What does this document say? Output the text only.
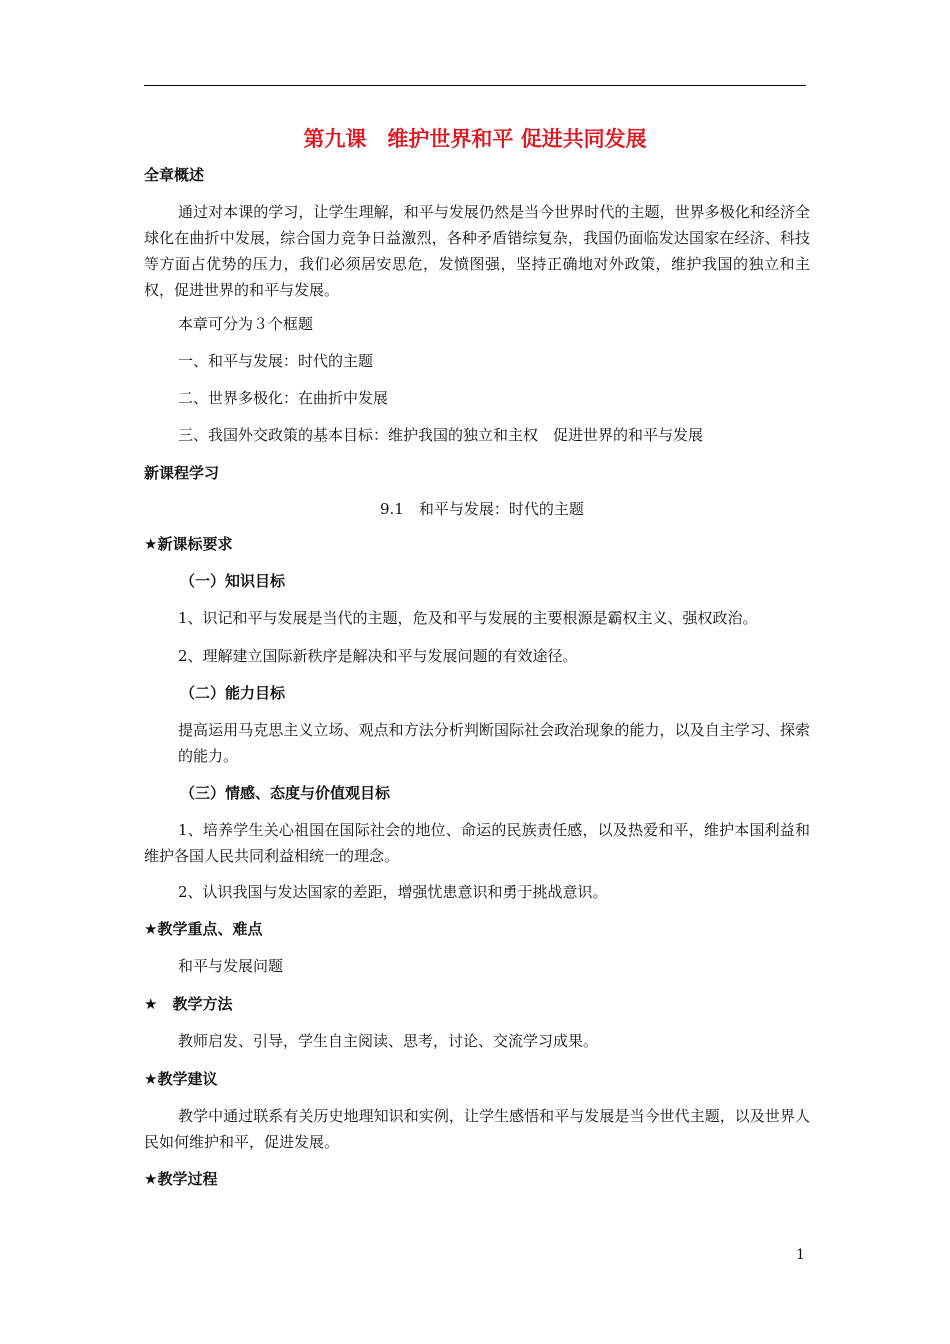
第九课　维护世界和平 促进共同发展
全章概述
通过对本课的学习，让学生理解，和平与发展仍然是当今世界时代的主题，世界多极化和经济全球化在曲折中发展，综合国力竞争日益激烈，各种矛盾错综复杂，我国仍面临发达国家在经济、科技等方面占优势的压力，我们必须居安思危，发愤图强，坚持正确地对外政策，维护我国的独立和主权，促进世界的和平与发展。
本章可分为３个框题
一、和平与发展：时代的主题
二、世界多极化：在曲折中发展
三、我国外交政策的基本目标：维护我国的独立和主权　促进世界的和平与发展
新课程学习
9.1　和平与发展：时代的主题
★新课标要求
（一）知识目标
1、识记和平与发展是当代的主题，危及和平与发展的主要根源是霸权主义、强权政治。
2、理解建立国际新秩序是解决和平与发展问题的有效途径。
（二）能力目标
提高运用马克思主义立场、观点和方法分析判断国际社会政治现象的能力，以及自主学习、探索的能力。
（三）情感、态度与价值观目标
1、培养学生关心祖国在国际社会的地位、命运的民族责任感，以及热爱和平，维护本国利益和维护各国人民共同利益相统一的理念。
2、认识我国与发达国家的差距，增强忧患意识和勇于挑战意识。
★教学重点、难点
和平与发展问题
★　教学方法
教师启发、引导，学生自主阅读、思考，讨论、交流学习成果。
★教学建议
教学中通过联系有关历史地理知识和实例，让学生感悟和平与发展是当今世代主题，以及世界人民如何维护和平，促进发展。
★教学过程
1
